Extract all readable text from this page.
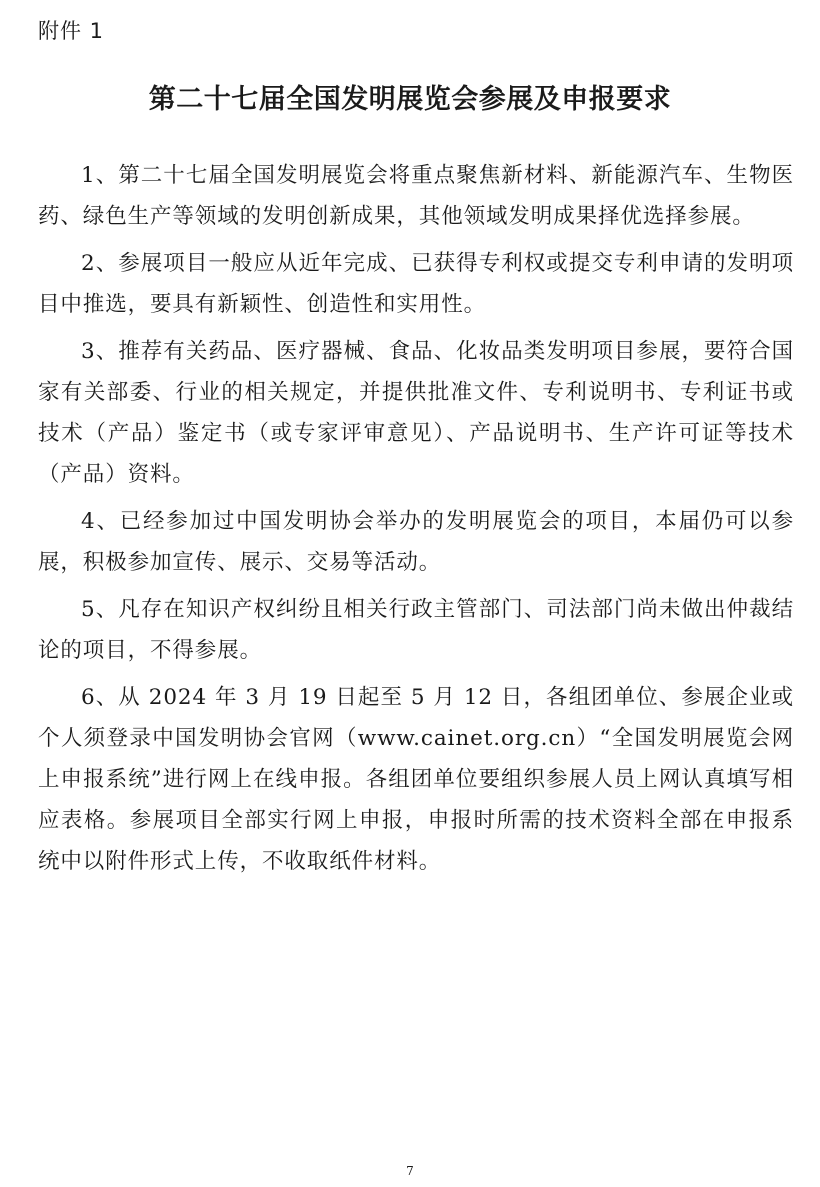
附件 1
第二十七届全国发明展览会参展及申报要求

1、第二十七届全国发明展览会将重点聚焦新材料、新能源汽车、生物医药、绿色生产等领域的发明创新成果，其他领域发明成果择优选择参展。

2、参展项目一般应从近年完成、已获得专利权或提交专利申请的发明项目中推选，要具有新颖性、创造性和实用性。

3、推荐有关药品、医疗器械、食品、化妆品类发明项目参展，要符合国家有关部委、行业的相关规定，并提供批准文件、专利说明书、专利证书或技术（产品）鉴定书（或专家评审意见）、产品说明书、生产许可证等技术（产品）资料。

4、已经参加过中国发明协会举办的发明展览会的项目，本届仍可以参展，积极参加宣传、展示、交易等活动。

5、凡存在知识产权纠纷且相关行政主管部门、司法部门尚未做出仲裁结论的项目，不得参展。

6、从 2024 年 3 月 19 日起至 5 月 12 日，各组团单位、参展企业或个人须登录中国发明协会官网（www.cainet.org.cn）“全国发明展览会网上申报系统”进行网上在线申报。各组团单位要组织参展人员上网认真填写相应表格。参展项目全部实行网上申报，申报时所需的技术资料全部在申报系统中以附件形式上传，不收取纸件材料。

7
